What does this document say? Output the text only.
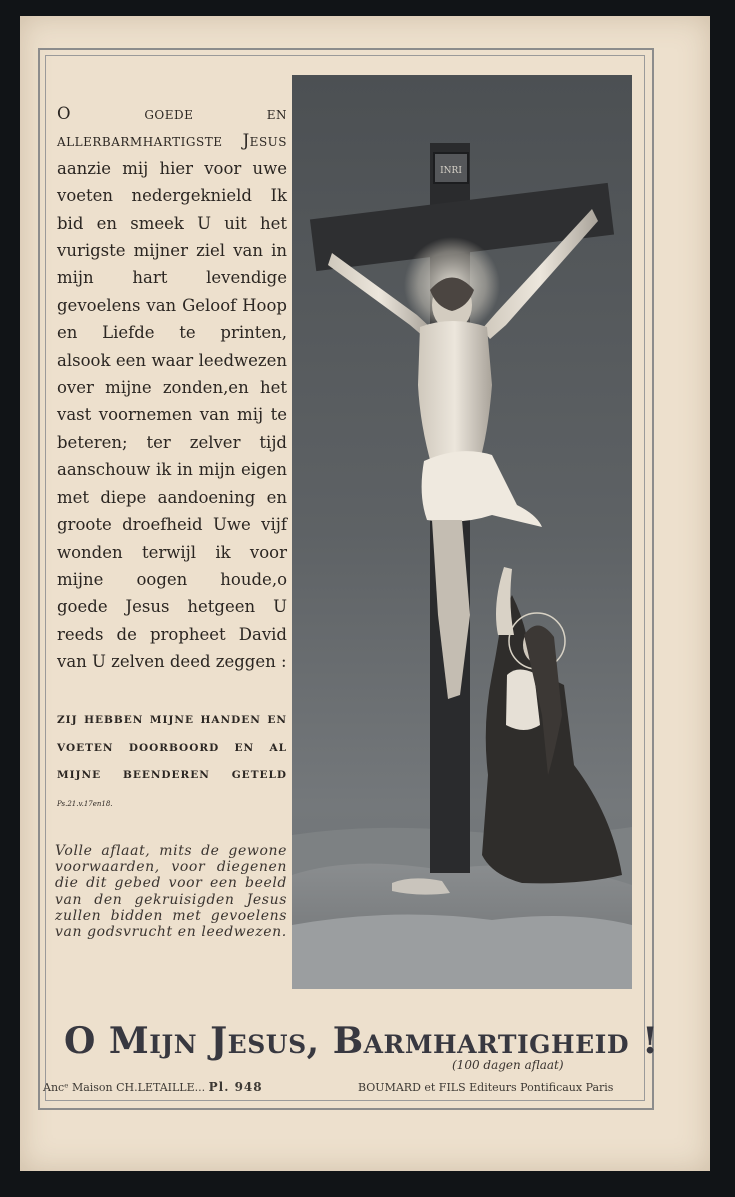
O goede en allerbarmhartigste Jesus aanzie mij hier voor uwe voeten nedergeknield Ik bid en smeek U uit het vurigste mijner ziel van in mijn hart levendige gevoelens van Geloof Hoop en Liefde te printen, alsook een waar leedwezen over mijne zonden,en het vast voornemen van mij te beteren; ter zelver tijd aanschouw ik in mijn eigen met diepe aandoening en groote droefheid Uwe vijf wonden terwijl ik voor mijne oogen houde,o goede Jesus hetgeen U reeds de propheet David van U zelven deed zeggen :

ZIJ HEBBEN MIJNE HANDEN EN VOETEN DOORBOORD EN AL MIJNE BEENDEREN GETELD Ps.21.v.17en18.

Volle aflaat, mits de gewone voorwaarden, voor diegenen die dit gebed voor een beeld van den gekruisigden Jesus zullen bidden met gevoelens van godsvrucht en leedwezen.

INRI

O Mijn Jesus, Barmhartigheid !

(100 dagen aflaat)

Ancᵉ Maison CH.LETAILLE... Pl. 948	BOUMARD et FILS Editeurs Pontificaux Paris
